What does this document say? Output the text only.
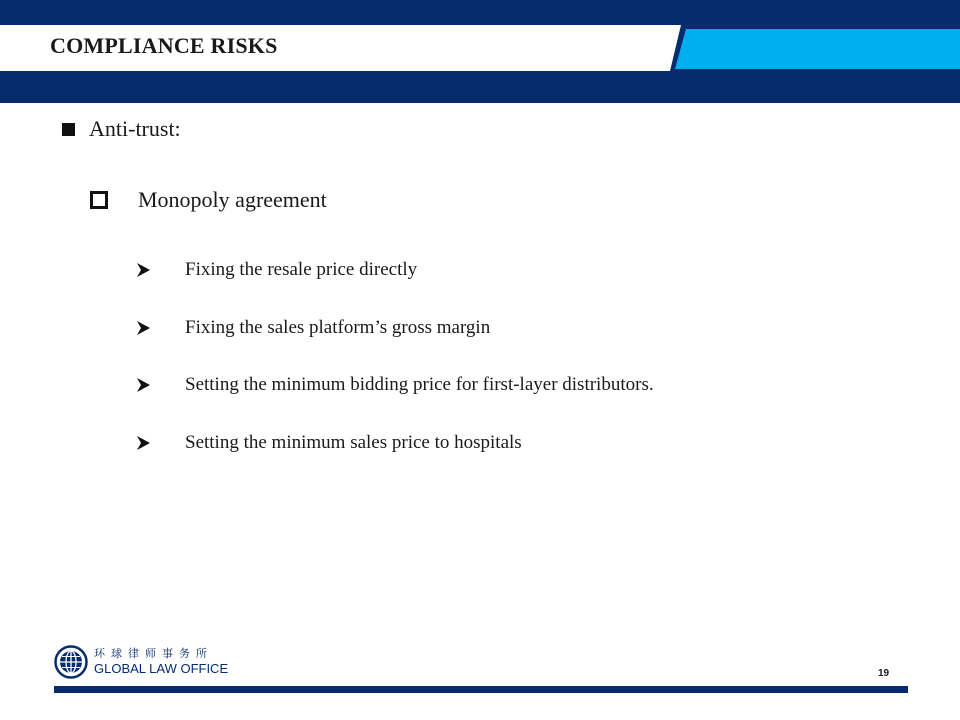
COMPLIANCE RISKS
Anti-trust:
Monopoly agreement
Fixing the resale price directly
Fixing the sales platform’s gross margin
Setting the minimum bidding price for first-layer distributors.
Setting the minimum sales price to hospitals
环球律师事务所
GLOBAL LAW OFFICE	19
